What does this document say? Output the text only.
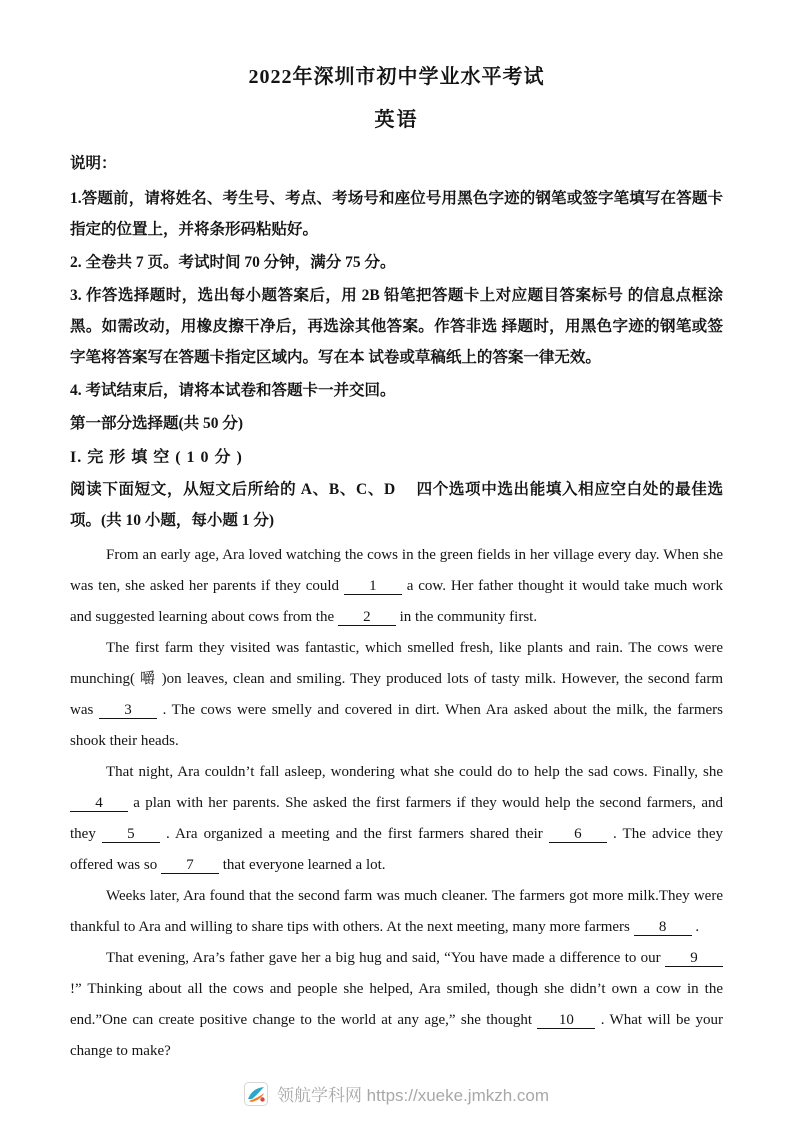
2022年深圳市初中学业水平考试
英语

说明：

1.答题前，请将姓名、考生号、考点、考场号和座位号用黑色字迹的钢笔或签字笔填写在答题卡指定的位置上，并将条形码粘贴好。

2. 全卷共 7 页。考试时间 70 分钟，满分 75 分。

3. 作答选择题时，选出每小题答案后，用 2B 铅笔把答题卡上对应题目答案标号 的信息点框涂黑。如需改动，用橡皮擦干净后，再选涂其他答案。作答非选 择题时，用黑色字迹的钢笔或签字笔将答案写在答题卡指定区域内。写在本 试卷或草稿纸上的答案一律无效。

4. 考试结束后，请将本试卷和答题卡一并交回。

第一部分选择题(共 50 分)

I. 完 形 填 空 ( 1 0 分 )

阅读下面短文，从短文后所给的 A、B、C、D　 四个选项中选出能填入相应空白处的最佳选项。(共 10 小题，每小题 1 分)

From an early age, Ara loved watching the cows in the green fields in her village every day. When she was ten, she asked her parents if they could 1 a cow. Her father thought it would take much work and suggested learning about cows from the 2 in the community first.

The first farm they visited was fantastic, which smelled fresh, like plants and rain. The cows were munching( 嚼 )on leaves, clean and smiling. They produced lots of tasty milk. However, the second farm was 3 . The cows were smelly and covered in dirt. When Ara asked about the milk, the farmers shook their heads.

That night, Ara couldn’t fall asleep, wondering what she could do to help the sad cows. Finally, she 4 a plan with her parents. She asked the first farmers if they would help the second farmers, and they 5 . Ara organized a meeting and the first farmers shared their 6 . The advice they offered was so 7 that everyone learned a lot.

Weeks later, Ara found that the second farm was much cleaner. The farmers got more milk.They were thankful to Ara and willing to share tips with others. At the next meeting, many more farmers 8 .

That evening, Ara’s father gave her a big hug and said, “You have made a difference to our 9 !” Thinking about all the cows and people she helped, Ara smiled, though she didn’t own a cow in the end.”One can create positive change to the world at any age,” she thought 10 . What will be your change to make?

领航学科网 https://xueke.jmkzh.com
